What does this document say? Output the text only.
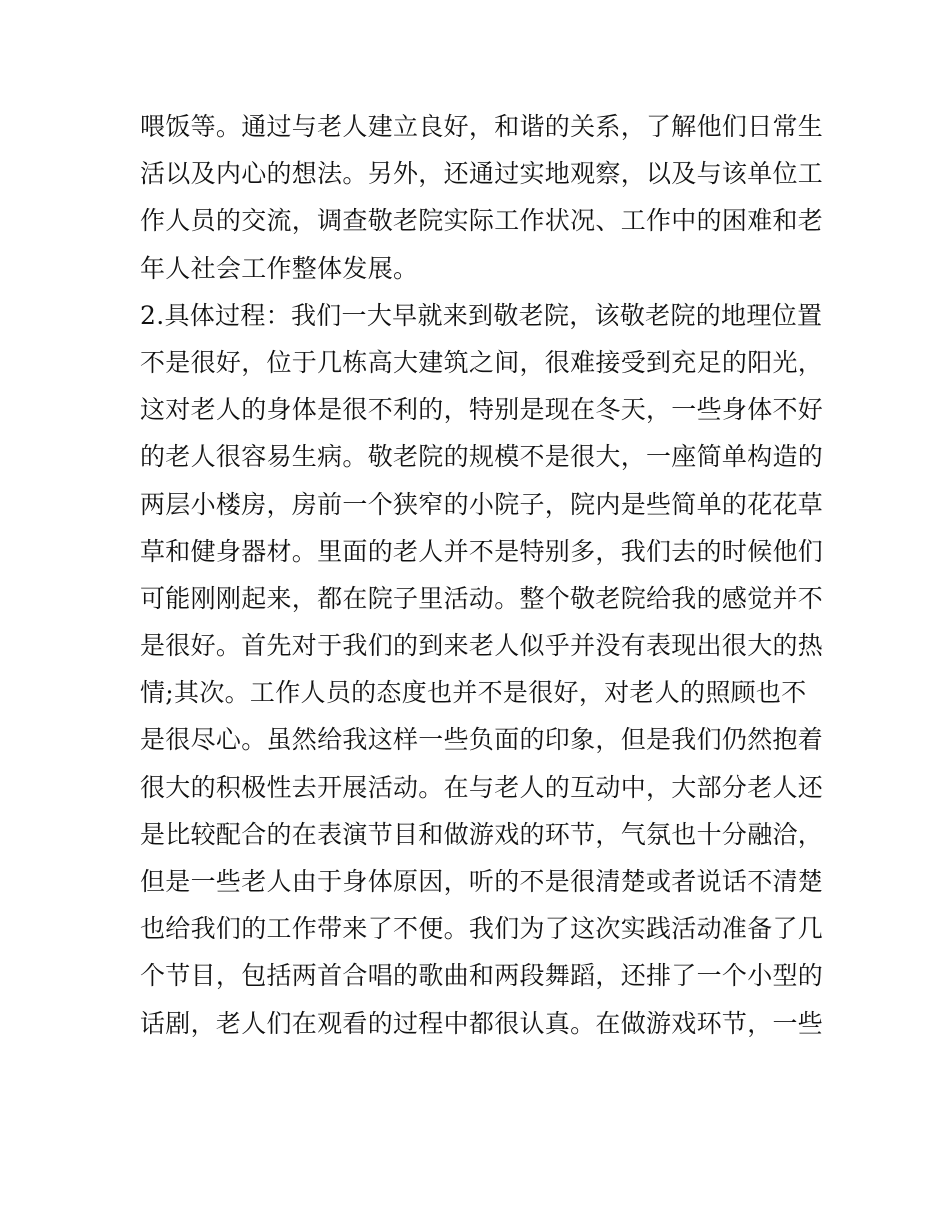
喂饭等。通过与老人建立良好，和谐的关系，了解他们日常生
活以及内心的想法。另外，还通过实地观察，以及与该单位工
作人员的交流，调查敬老院实际工作状况、工作中的困难和老
年人社会工作整体发展。
2.具体过程：我们一大早就来到敬老院，该敬老院的地理位置
不是很好，位于几栋高大建筑之间，很难接受到充足的阳光，
这对老人的身体是很不利的，特别是现在冬天，一些身体不好
的老人很容易生病。敬老院的规模不是很大，一座简单构造的
两层小楼房，房前一个狭窄的小院子，院内是些简单的花花草
草和健身器材。里面的老人并不是特别多，我们去的时候他们
可能刚刚起来，都在院子里活动。整个敬老院给我的感觉并不
是很好。首先对于我们的到来老人似乎并没有表现出很大的热
情;其次。工作人员的态度也并不是很好，对老人的照顾也不
是很尽心。虽然给我这样一些负面的印象，但是我们仍然抱着
很大的积极性去开展活动。在与老人的互动中，大部分老人还
是比较配合的在表演节目和做游戏的环节，气氛也十分融洽，
但是一些老人由于身体原因，听的不是很清楚或者说话不清楚
也给我们的工作带来了不便。我们为了这次实践活动准备了几
个节目，包括两首合唱的歌曲和两段舞蹈，还排了一个小型的
话剧，老人们在观看的过程中都很认真。在做游戏环节，一些
